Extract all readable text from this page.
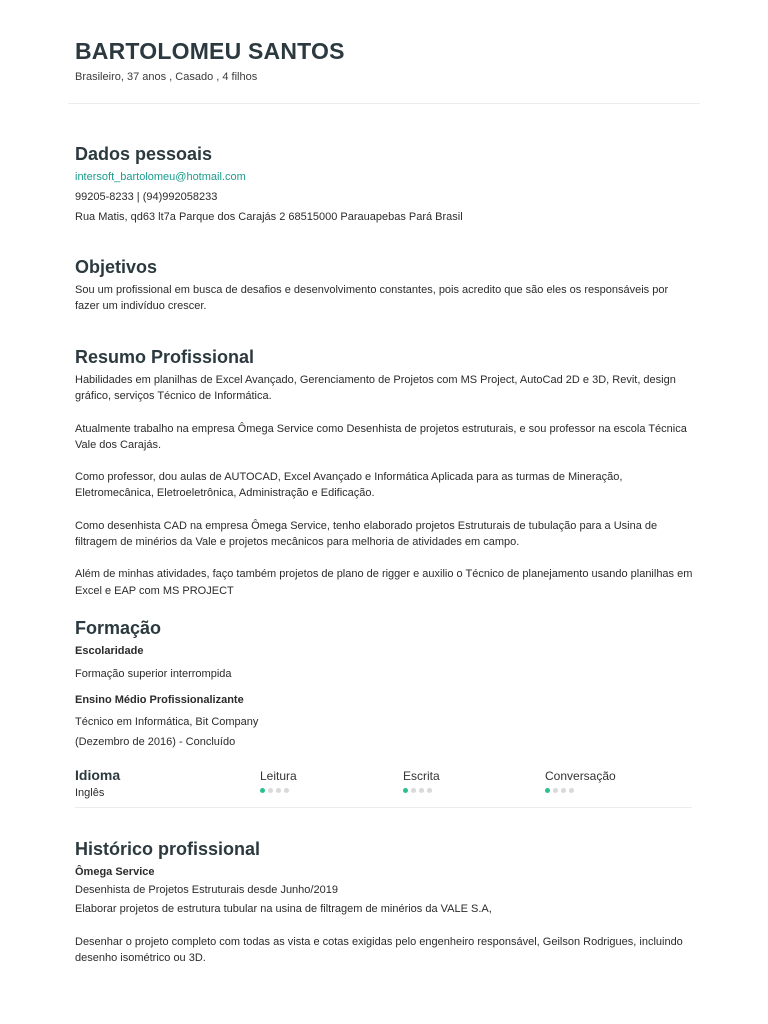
BARTOLOMEU SANTOS
Brasileiro, 37 anos , Casado , 4 filhos
Dados pessoais

intersoft_bartolomeu@hotmail.com

99205-8233 | (94)992058233

Rua Matis, qd63 lt7a Parque dos Carajás 2 68515000 Parauapebas Pará Brasil

Objetivos

Sou um profissional em busca de desafios e desenvolvimento constantes, pois acredito que são eles os responsáveis por fazer um indivíduo crescer.

Resumo Profissional

Habilidades em planilhas de Excel Avançado, Gerenciamento de Projetos com MS Project, AutoCad 2D e 3D, Revit, design gráfico, serviços Técnico de Informática.

Atualmente trabalho na empresa Ômega Service como Desenhista de projetos estruturais, e sou professor na escola Técnica Vale dos Carajás.

Como professor, dou aulas de AUTOCAD, Excel Avançado e Informática Aplicada para as turmas de Mineração, Eletromecânica, Eletroeletrônica, Administração e Edificação.

Como desenhista CAD na empresa Ômega Service, tenho elaborado projetos Estruturais de tubulação para a Usina de filtragem de minérios da Vale e projetos mecânicos para melhoria de atividades em campo.

Além de minhas atividades, faço também projetos de plano de rigger e auxilio o Técnico de planejamento usando planilhas em Excel e EAP com MS PROJECT

Formação

Escolaridade

Formação superior interrompida

Ensino Médio Profissionalizante

Técnico em Informática, Bit Company

(Dezembro de 2016) - Concluído

Idioma
Inglês
Leitura	Escrita	Conversação
Histórico profissional

Ômega Service

Desenhista de Projetos Estruturais desde Junho/2019

Elaborar projetos de estrutura tubular na usina de filtragem de minérios da VALE S.A,

Desenhar o projeto completo com todas as vista e cotas exigidas pelo engenheiro responsável, Geilson Rodrigues, incluindo desenho isométrico ou 3D.
